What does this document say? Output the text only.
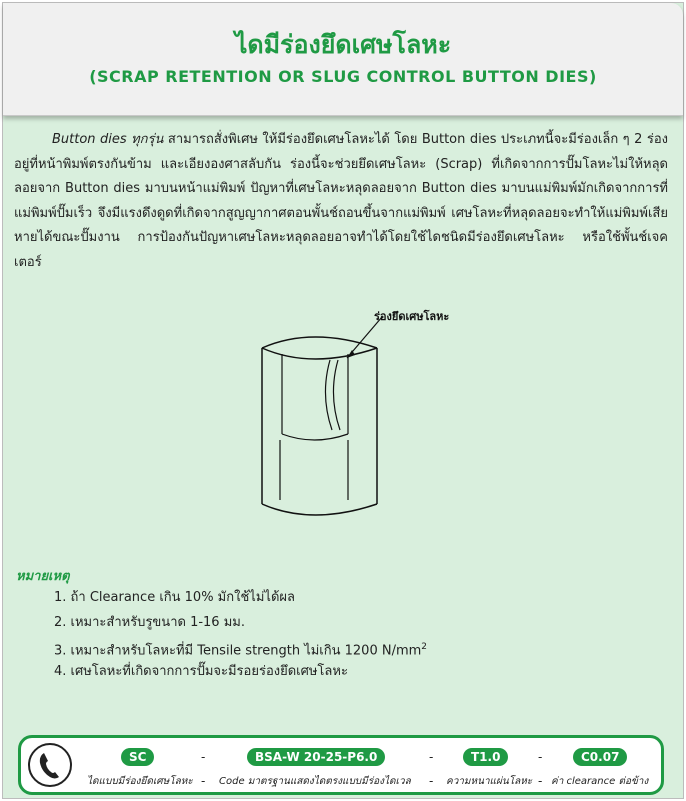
ไดมีร่องยึดเศษโลหะ
(SCRAP RETENTION OR SLUG CONTROL BUTTON DIES)

Button dies ทุกรุ่น สามารถสั่งพิเศษ ให้มีร่องยึดเศษโลหะได้ โดย Button dies ประเภทนี้จะมีร่องเล็ก ๆ 2 ร่อง อยู่ที่หน้าพิมพ์ตรงกันข้าม และเอียงองศาสลับกัน ร่องนี้จะช่วยยึดเศษโลหะ (Scrap) ที่เกิดจากการปั๊มโลหะไม่ให้หลุดลอยจาก Button dies มาบนหน้าแม่พิมพ์ ปัญหาที่เศษโลหะหลุดลอยจาก Button dies มาบนแม่พิมพ์มักเกิดจากการที่แม่พิมพ์ปั๊มเร็ว จึงมีแรงดึงดูดที่เกิดจากสูญญากาศตอนพั้นช์ถอนขึ้นจากแม่พิมพ์ เศษโลหะที่หลุดลอยจะทำให้แม่พิมพ์เสียหายได้ขณะปั๊มงาน การป้องกันปัญหาเศษโลหะหลุดลอยอาจทำได้โดยใช้ไดชนิดมีร่องยึดเศษโลหะ หรือใช้พั้นช์เจคเตอร์

ร่องยึดเศษโลหะ
หมายเหตุ
1. ถ้า Clearance เกิน 10% มักใช้ไม่ได้ผล
2. เหมาะสำหรับรูขนาด 1-16 มม.
3. เหมาะสำหรับโลหะที่มี Tensile strength ไม่เกิน 1200 $N/mm^2$
4. เศษโลหะที่เกิดจากการปั๊มจะมีรอยร่องยึดเศษโลหะ
SC
ไดแบบมีร่องยึดเศษโลหะ
-
-
BSA-W 20-25-P6.0
Code มาตรฐานแสดงไดตรงแบบมีร่องไดเวล
-
-
T1.0
ความหนาแผ่นโลหะ
-
-
C0.07
ค่า clearance ต่อข้าง
